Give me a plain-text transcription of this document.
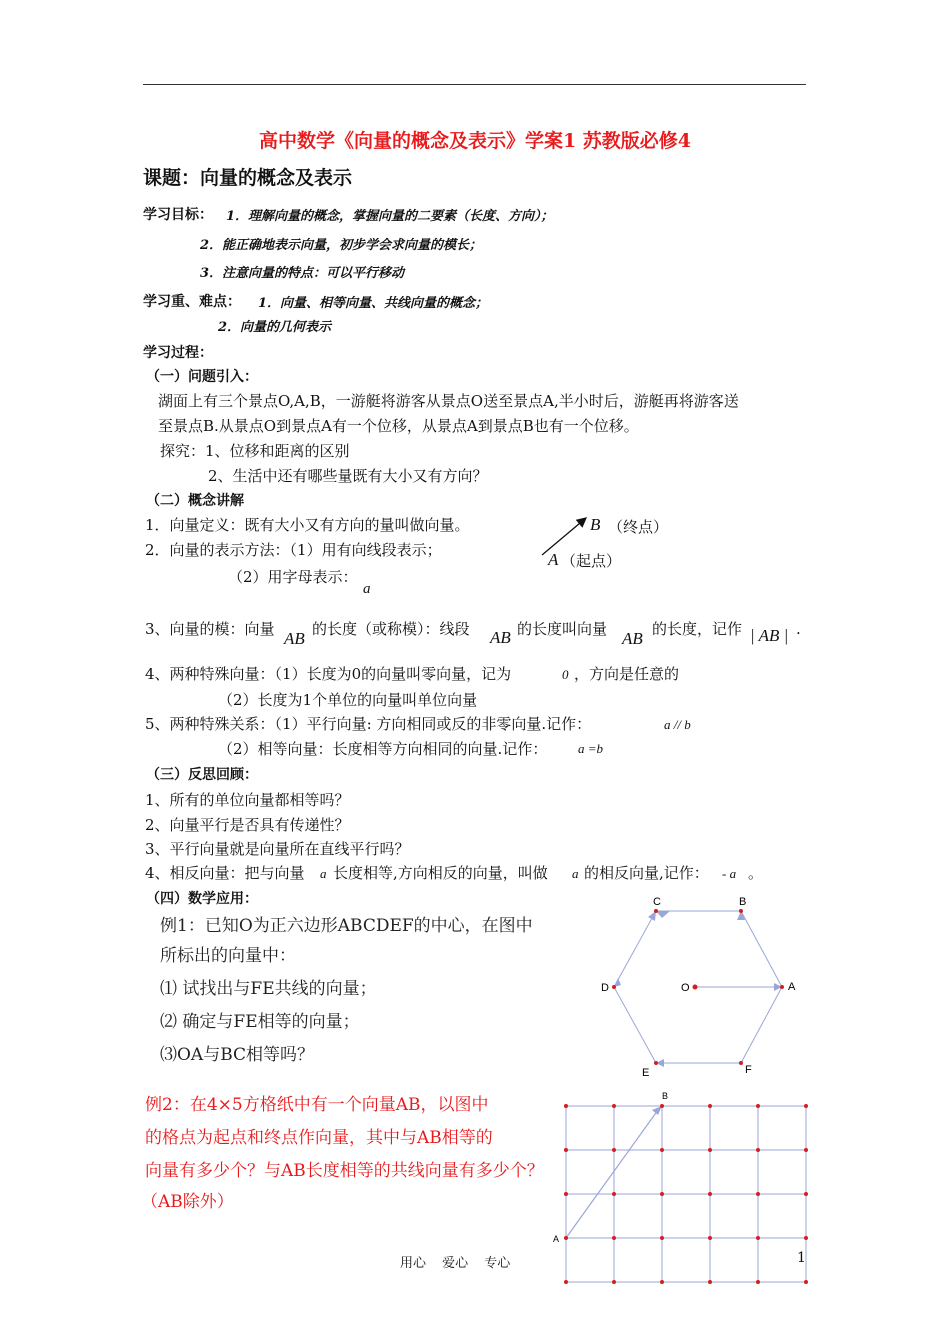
高中数学《向量的概念及表示》学案1 苏教版必修4
课题：向量的概念及表示
学习目标： 1．理解向量的概念，掌握向量的二要素（长度、方向）；
2．能正确地表示向量，初步学会求向量的模长；
3．注意向量的特点：可以平行移动
学习重、难点： 1．向量、相等向量、共线向量的概念；
2．向量的几何表示
学习过程：
（一）问题引入：
湖面上有三个景点O,A,B，一游艇将游客从景点O送至景点A,半小时后，游艇再将游客送
至景点B.从景点O到景点A有一个位移，从景点A到景点B也有一个位移。
探究：1、位移和距离的区别
2、生活中还有哪些量既有大小又有方向？
（二）概念讲解
1．向量定义：既有大小又有方向的量叫做向量。
2．向量的表示方法：（1）用有向线段表示；
（2）用字母表示：
a
B （终点）
A （起点）
3、向量的模：向量 AB 的长度（或称模）：线段 AB 的长度叫向量 AB 的长度，记作 | AB | .
4、两种特殊向量：（1）长度为0的向量叫零向量，记为	0 ，方向是任意的
（2）长度为1个单位的向量叫单位向量
5、两种特殊关系：（1）平行向量: 方向相同或反的非零向量.记作：	a // b
（2）相等向量：长度相等方向相同的向量.记作： a =b
（三）反思回顾：
1、所有的单位向量都相等吗？
2、向量平行是否具有传递性？
3、平行向量就是向量所在直线平行吗？
4、相反向量：把与向量 a 长度相等,方向相反的向量，叫做 a 的相反向量,记作： - a 。
（四）数学应用：
例1：已知O为正六边形ABCDEF的中心，在图中
所标出的向量中：
⑴ 试找出与FE共线的向量；
⑵ 确定与FE相等的向量；
⑶OA与BC相等吗？
C	B
D	O	A
E	F
例2：在4×5方格纸中有一个向量AB，以图中
的格点为起点和终点作向量，其中与AB相等的
向量有多少个？与AB长度相等的共线向量有多少个？
（AB除外）
B
A
用心 爱心 专心	1
